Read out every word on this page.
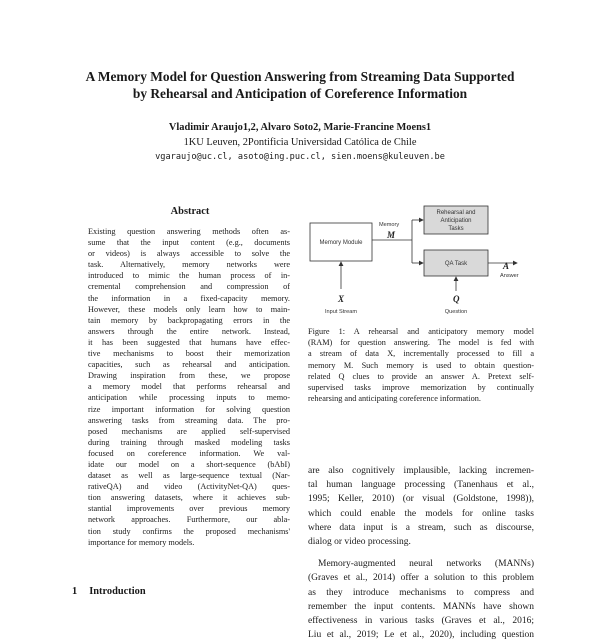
A Memory Model for Question Answering from Streaming Data Supported
by Rehearsal and Anticipation of Coreference Information
Vladimir Araujo1,2, Alvaro Soto2, Marie-Francine Moens1
1KU Leuven, 2Pontificia Universidad Católica de Chile
vgaraujo@uc.cl, asoto@ing.puc.cl, sien.moens@kuleuven.be
Abstract
Existing question answering methods often as-
sume that the input content (e.g., documents
or videos) is always accessible to solve the
task. Alternatively, memory networks were
introduced to mimic the human process of in-
cremental comprehension and compression of
the information in a fixed-capacity memory.
However, these models only learn how to main-
tain memory by backpropagating errors in the
answers through the entire network. Instead,
it has been suggested that humans have effec-
tive mechanisms to boost their memorization
capacities, such as rehearsal and anticipation.
Drawing inspiration from these, we propose
a memory model that performs rehearsal and
anticipation while processing inputs to memo-
rize important information for solving question
answering tasks from streaming data. The pro-
posed mechanisms are applied self-supervised
during training through masked modeling tasks
focused on coreference information. We val-
idate our model on a short-sequence (bAbI)
dataset as well as large-sequence textual (Nar-
rativeQA) and video (ActivityNet-QA) ques-
tion answering datasets, where it achieves sub-
stantial improvements over previous memory
network approaches. Furthermore, our abla-
tion study confirms the proposed mechanisms'
importance for memory models.
1 Introduction
Memory Module
Rehearsal and
Anticipation
Tasks
QA Task
Memory
M
A
Answer
X
Input Stream
Q
Question
Figure 1: A rehearsal and anticipatory memory model
(RAM) for question answering. The model is fed with
a stream of data X, incrementally processed to fill a
memory M. Such memory is used to obtain question-
related Q clues to provide an answer A. Pretext self-
supervised tasks improve memorization by continually
rehearsing and anticipating coreference information.
are also cognitively implausible, lacking incremen-
tal human language processing (Tanenhaus et al.,
1995; Keller, 2010) (or visual (Goldstone, 1998)),
which could enable the models for online tasks
where data input is a stream, such as discourse,
dialog or video processing.
Memory-augmented neural networks (MANNs)
(Graves et al., 2014) offer a solution to this problem
as they introduce mechanisms to compress and
remember the input contents. MANNs have shown
effectiveness in various tasks (Graves et al., 2016;
Liu et al., 2019; Le et al., 2020), including question
